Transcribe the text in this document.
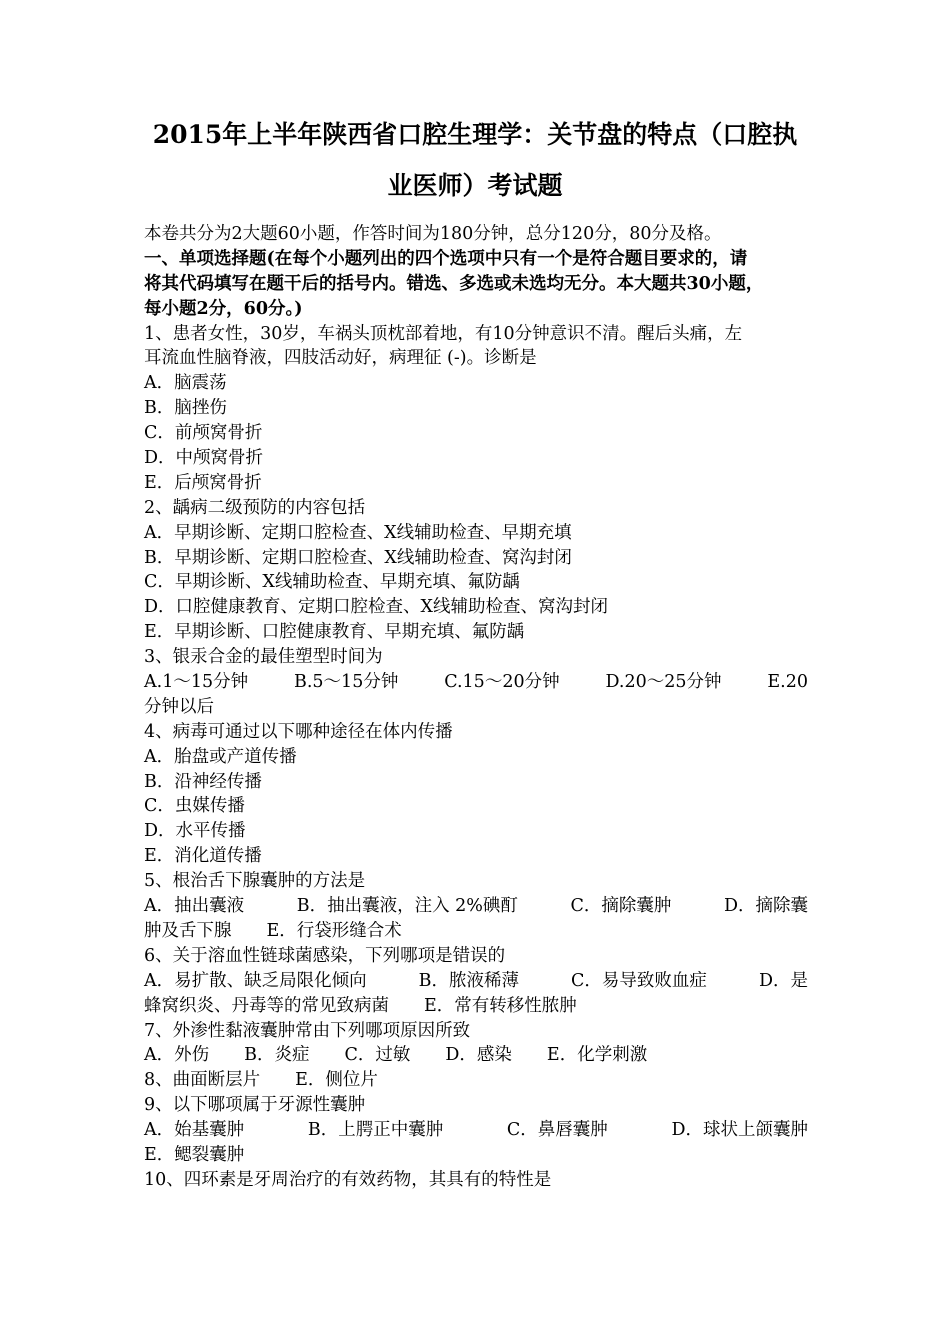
2015年上半年陕西省口腔生理学：关节盘的特点（口腔执
业医师）考试题
本卷共分为2大题60小题，作答时间为180分钟，总分120分，80分及格。
一、单项选择题(在每个小题列出的四个选项中只有一个是符合题目要求的，请
将其代码填写在题干后的括号内。错选、多选或未选均无分。本大题共30小题，
每小题2分，60分。)
1、患者女性，30岁，车祸头顶枕部着地，有10分钟意识不清。醒后头痛，左
耳流血性脑脊液，四肢活动好，病理征 (-)。诊断是
A．脑震荡
B．脑挫伤
C．前颅窝骨折
D．中颅窝骨折
E．后颅窝骨折
2、龋病二级预防的内容包括
A．早期诊断、定期口腔检查、X线辅助检查、早期充填
B．早期诊断、定期口腔检查、X线辅助检查、窝沟封闭
C．早期诊断、X线辅助检查、早期充填、氟防龋
D．口腔健康教育、定期口腔检查、X线辅助检查、窝沟封闭
E．早期诊断、口腔健康教育、早期充填、氟防龋
3、银汞合金的最佳塑型时间为
A.1～15分钟	B.5～15分钟	C.15～20分钟	D.20～25分钟	E.20
分钟以后
4、病毒可通过以下哪种途径在体内传播
A．胎盘或产道传播
B．沿神经传播
C．虫媒传播
D．水平传播
E．消化道传播
5、根治舌下腺囊肿的方法是
A．抽出囊液	B．抽出囊液，注入 2%碘酊	C．摘除囊肿	D．摘除囊
肿及舌下腺　　E．行袋形缝合术
6、关于溶血性链球菌感染，下列哪项是错误的
A．易扩散、缺乏局限化倾向	B．脓液稀薄	C．易导致败血症	D．是
蜂窝织炎、丹毒等的常见致病菌　　E．常有转移性脓肿
7、外渗性黏液囊肿常由下列哪项原因所致
A．外伤　　B．炎症　　C．过敏　　D．感染　　E．化学刺激
8、曲面断层片　　E．侧位片
9、以下哪项属于牙源性囊肿
A．始基囊肿	B．上腭正中囊肿	C．鼻唇囊肿	D．球状上颌囊肿
E．鳃裂囊肿
10、四环素是牙周治疗的有效药物，其具有的特性是
